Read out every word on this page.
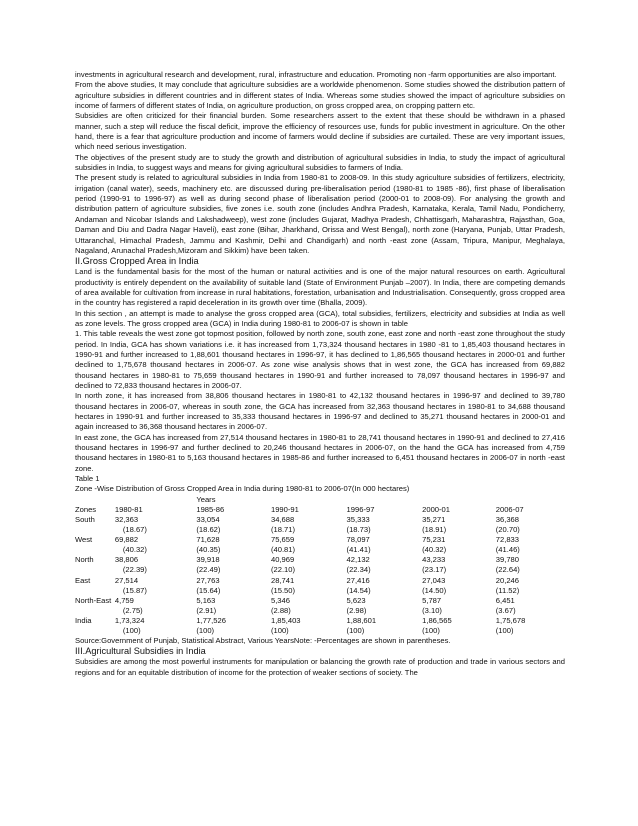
investments in agricultural research and development, rural, infrastructure and education. Promoting non -farm opportunities are also important.

From the above studies, It may conclude that agriculture subsidies are a worldwide phenomenon. Some studies showed the distribution pattern of agriculture subsidies in different countries and in different states of India. Whereas some studies showed the impact of agriculture subsidies on income of farmers of different states of India, on agriculture production, on gross cropped area, on cropping pattern etc.

Subsidies are often criticized for their financial burden. Some researchers assert to the extent that these should be withdrawn in a phased manner, such a step will reduce the fiscal deficit, improve the efficiency of resources use, funds for public investment in agriculture. On the other hand, there is a fear that agriculture production and income of farmers would decline if subsidies are curtailed. These are very important issues, which need serious investigation.

The objectives of the present study are to study the growth and distribution of agricultural subsidies in India, to study the impact of agricultural subsidies in India, to suggest ways and means for giving agricultural subsidies to farmers of India.

The present study is related to agricultural subsidies in India from 1980-81 to 2008-09. In this study agriculture subsidies of fertilizers, electricity, irrigation (canal water), seeds, machinery etc. are discussed during pre-liberalisation period (1980-81 to 1985 -86), first phase of liberalisation period (1990-91 to 1996-97) as well as during second phase of liberalisation period (2000-01 to 2008-09). For analysing the growth and distribution pattern of agriculture subsidies, five zones i.e. south zone (includes Andhra Pradesh, Karnataka, Kerala, Tamil Nadu, Pondicherry, Andaman and Nicobar Islands and Lakshadweep), west zone (includes Gujarat, Madhya Pradesh, Chhattisgarh, Maharashtra, Rajasthan, Goa, Daman and Diu and Dadra Nagar Haveli), east zone (Bihar, Jharkhand, Orissa and West Bengal), north zone (Haryana, Punjab, Uttar Pradesh, Uttaranchal, Himachal Pradesh, Jammu and Kashmir, Delhi and Chandigarh) and north -east zone (Assam, Tripura, Manipur, Meghalaya, Nagaland, Arunachal Pradesh,Mizoram and Sikkim) have been taken.

II.Gross Cropped Area in India

Land is the fundamental basis for the most of the human or natural activities and is one of the major natural resources on earth. Agricultural productivity is entirely dependent on the availability of suitable land (State of Environment Punjab –2007). In India, there are competing demands of area available for cultivation from increase in rural habitations, forestation, urbanisation and Industrialisation. Consequently, gross cropped area in the country has registered a rapid deceleration in its growth over time (Bhalla, 2009).

In this section , an attempt is made to analyse the gross cropped area (GCA), total subsidies, fertilizers, electricity and subsidies at India as well as zone levels. The gross cropped area (GCA) in India during 1980-81 to 2006-07 is shown in table

1. This table reveals the west zone got topmost position, followed by north zone, south zone, east zone and north -east zone throughout the study period. In India, GCA has shown variations i.e. it has increased from 1,73,324 thousand hectares in 1980 -81 to 1,85,403 thousand hectares in 1990-91 and further increased to 1,88,601 thousand hectares in 1996-97, it has declined to 1,86,565 thousand hectares in 2000-01 and further declined to 1,75,678 thousand hectares in 2006-07. As zone wise analysis shows that in west zone, the GCA has increased from 69,882 thousand hectares in 1980-81 to 75,659 thousand hectares in 1990-91 and further increased to 78,097 thousand hectares in 1996-97 and declined to 72,833 thousand hectares in 2006-07.

In north zone, it has increased from 38,806 thousand hectares in 1980-81 to 42,132 thousand hectares in 1996-97 and declined to 39,780 thousand hectares in 2006-07, whereas in south zone, the GCA has increased from 32,363 thousand hectares in 1980-81 to 34,688 thousand hectares in 1990-91 and further increased to 35,333 thousand hectares in 1996-97 and declined to 35,271 thousand hectares in 2000-01 and again increased to 36,368 thousand hectares in 2006-07.

In east zone, the GCA has increased from 27,514 thousand hectares in 1980-81 to 28,741 thousand hectares in 1990-91 and declined to 27,416 thousand hectares in 1996-97 and further declined to 20,246 thousand hectares in 2006-07, on the hand the GCA has increased from 4,759 thousand hectares in 1980-81 to 5,163 thousand hectares in 1985-86 and further increased to 6,451 thousand hectares in 2006-07 in north -east zone.

Table 1

Zone -Wise Distribution of Gross Cropped Area in India during 1980-81 to 2006-07(In 000 hectares)

		Years				
Zones	1980-81	1985-86	1990-91	1996-97	2000-01	2006-07
South	32,363	33,054	34,688	35,333	35,271	36,368
	(18.67)	(18.62)	(18.71)	(18.73)	(18.91)	(20.70)
West	69,882	71,628	75,659	78,097	75,231	72,833
	(40.32)	(40.35)	(40.81)	(41.41)	(40.32)	(41.46)
North	38,806	39,918	40,969	42,132	43,233	39,780
	(22.39)	(22.49)	(22.10)	(22.34)	(23.17)	(22.64)
East	27,514	27,763	28,741	27,416	27,043	20,246
	(15.87)	(15.64)	(15.50)	(14.54)	(14.50)	(11.52)
North-East	4,759	5,163	5,346	5,623	5,787	6,451
	(2.75)	(2.91)	(2.88)	(2.98)	(3.10)	(3.67)
India	1,73,324	1,77,526	1,85,403	1,88,601	1,86,565	1,75,678
	(100)	(100)	(100)	(100)	(100)	(100)

Source:Government of Punjab, Statistical Abstract, Various YearsNote: -Percentages are shown in parentheses.

III.Agricultural Subsidies in India

Subsidies are among the most powerful instruments for manipulation or balancing the growth rate of production and trade in various sectors and regions and for an equitable distribution of income for the protection of weaker sections of society. The
